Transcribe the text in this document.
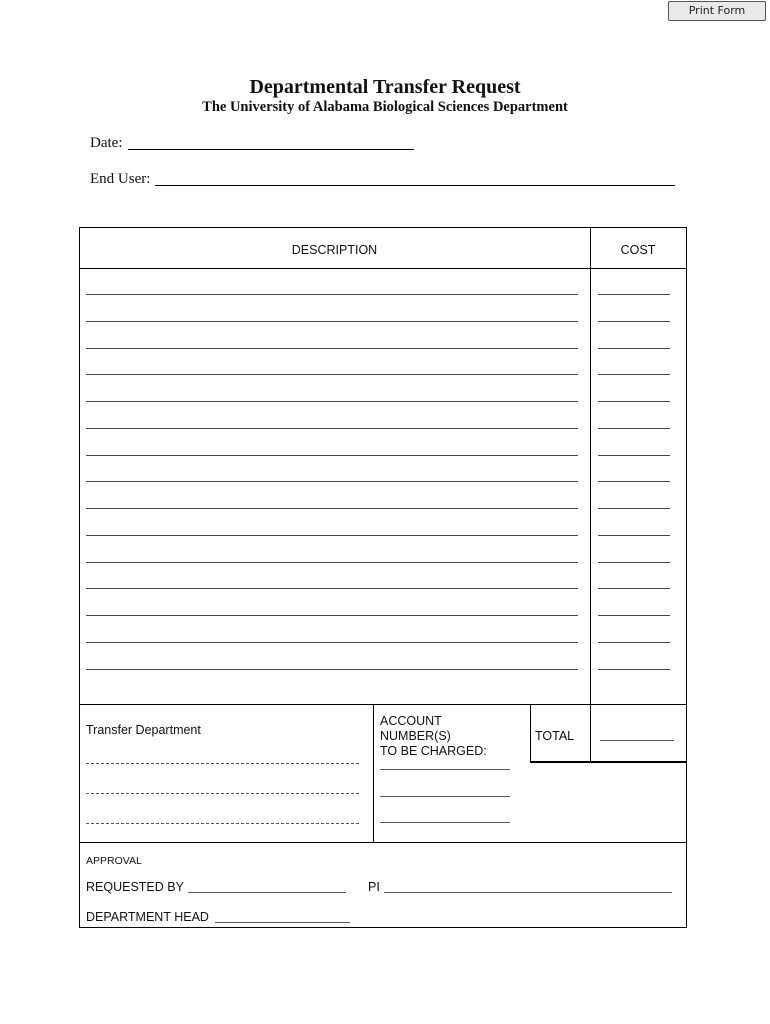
Print Form
Departmental Transfer Request
The University of Alabama Biological Sciences Department
Date:
End User:
DESCRIPTION	COST
Transfer Department
ACCOUNT
NUMBER(S)
TO BE CHARGED:
TOTAL
APPROVAL
REQUESTED BY	PI
DEPARTMENT HEAD
